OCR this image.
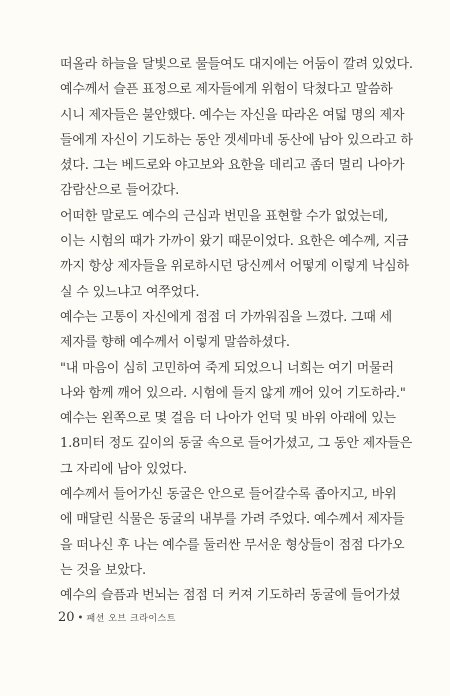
떠올라 하늘을 달빛으로 물들여도 대지에는 어둠이 깔려 있었다.
예수께서 슬픈 표정으로 제자들에게 위험이 닥쳤다고 말씀하
시니 제자들은 불안했다. 예수는 자신을 따라온 여덟 명의 제자
들에게 자신이 기도하는 동안 겟세마네 동산에 남아 있으라고 하
셨다. 그는 베드로와 야고보와 요한을 데리고 좀더 멀리 나아가
감람산으로 들어갔다.
어떠한 말로도 예수의 근심과 번민을 표현할 수가 없었는데,
이는 시험의 때가 가까이 왔기 때문이었다. 요한은 예수께, 지금
까지 항상 제자들을 위로하시던 당신께서 어떻게 이렇게 낙심하
실 수 있느냐고 여쭈었다.
예수는 고통이 자신에게 점점 더 가까워짐을 느꼈다. 그때 세
제자를 향해 예수께서 이렇게 말씀하셨다.
"내 마음이 심히 고민하여 죽게 되었으니 너희는 여기 머물러
나와 함께 깨어 있으라. 시험에 들지 않게 깨어 있어 기도하라."
예수는 왼쪽으로 몇 걸음 더 나아가 언덕 및 바위 아래에 있는
1.8미터 정도 깊이의 동굴 속으로 들어가셨고, 그 동안 제자들은
그 자리에 남아 있었다.
예수께서 들어가신 동굴은 안으로 들어갈수록 좁아지고, 바위
에 매달린 식물은 동굴의 내부를 가려 주었다. 예수께서 제자들
을 떠나신 후 나는 예수를 둘러싼 무서운 형상들이 점점 다가오
는 것을 보았다.
예수의 슬픔과 번뇌는 점점 더 커져 기도하러 동굴에 들어가셨
20 • 패션 오브 크라이스트
